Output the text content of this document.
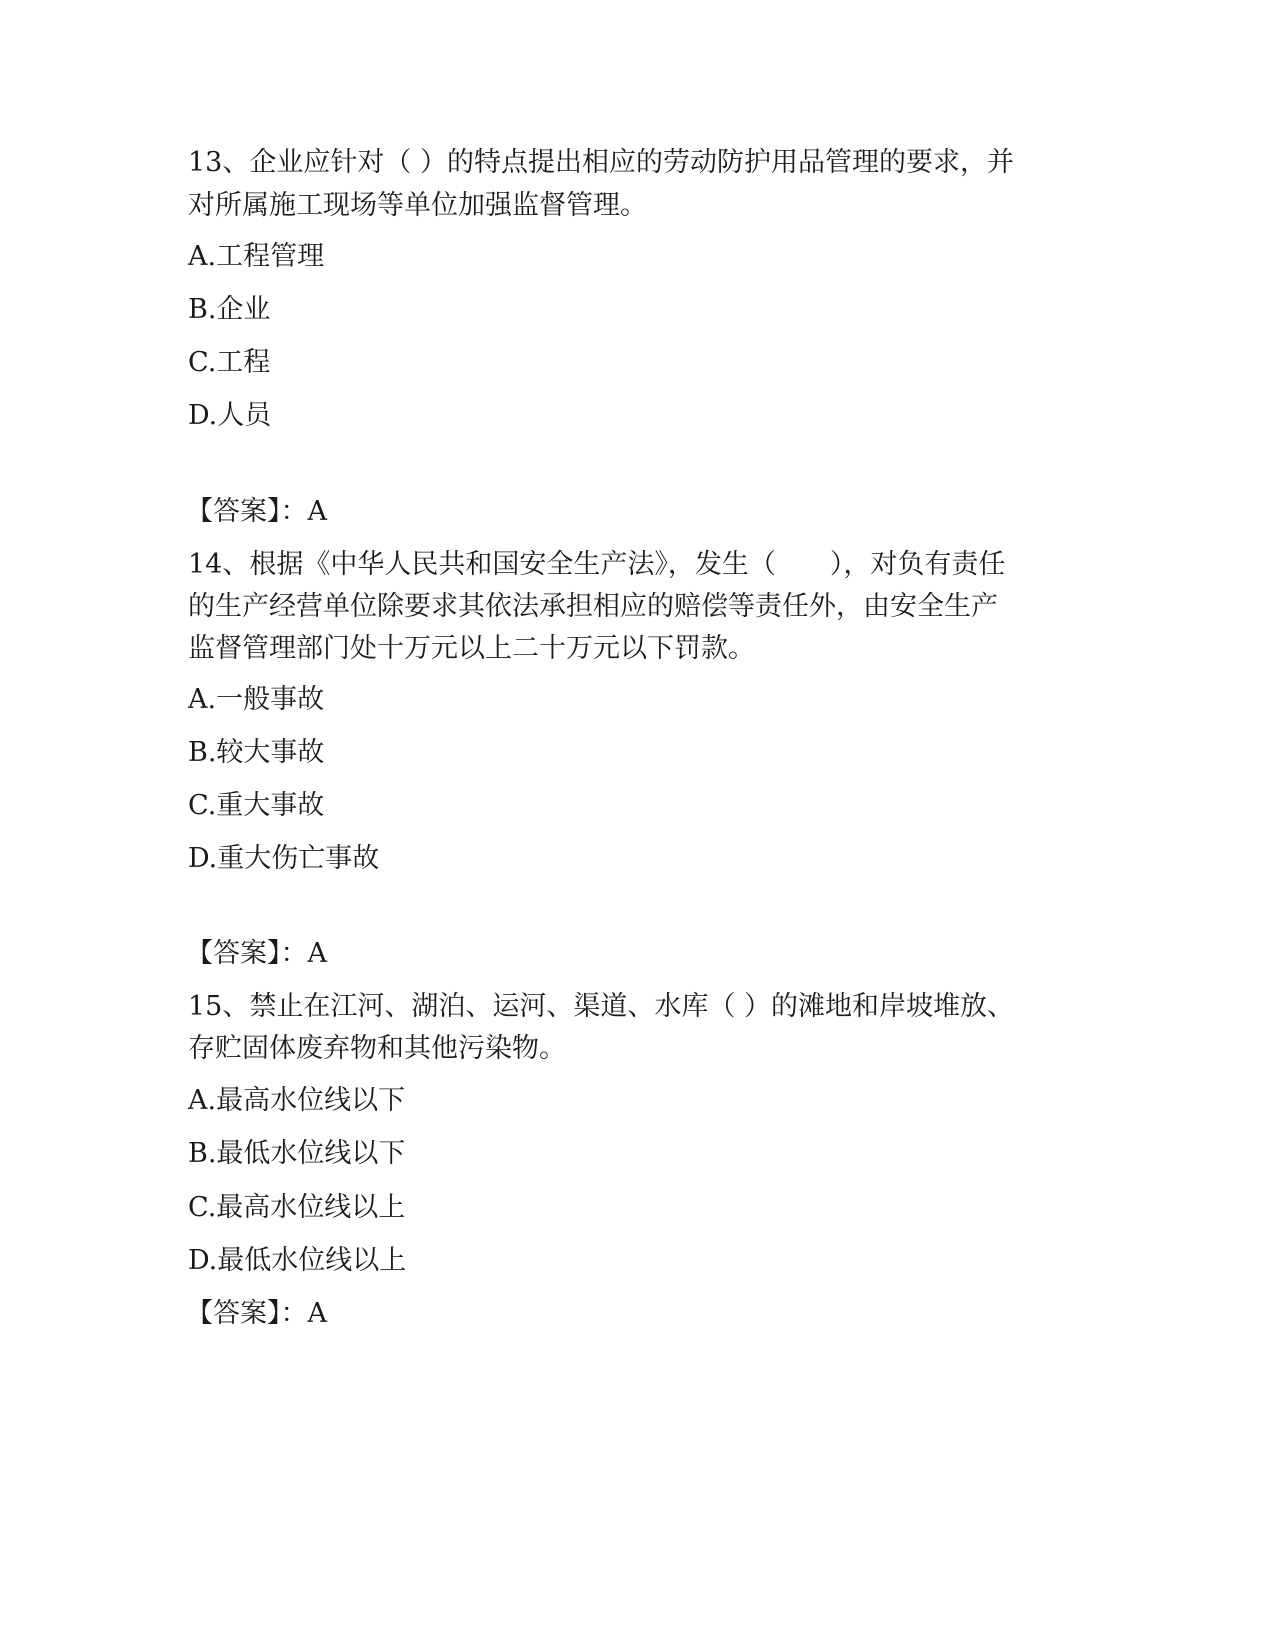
13、企业应针对（ ）的特点提出相应的劳动防护用品管理的要求，并
对所属施工现场等单位加强监督管理。
A.工程管理
B.企业
C.工程
D.人员
【答案】：A
14、根据《中华人民共和国安全生产法》，发生（　　），对负有责任
的生产经营单位除要求其依法承担相应的赔偿等责任外，由安全生产
监督管理部门处十万元以上二十万元以下罚款。
A.一般事故
B.较大事故
C.重大事故
D.重大伤亡事故
【答案】：A
15、禁止在江河、湖泊、运河、渠道、水库（ ）的滩地和岸坡堆放、
存贮固体废弃物和其他污染物。
A.最高水位线以下
B.最低水位线以下
C.最高水位线以上
D.最低水位线以上
【答案】：A
